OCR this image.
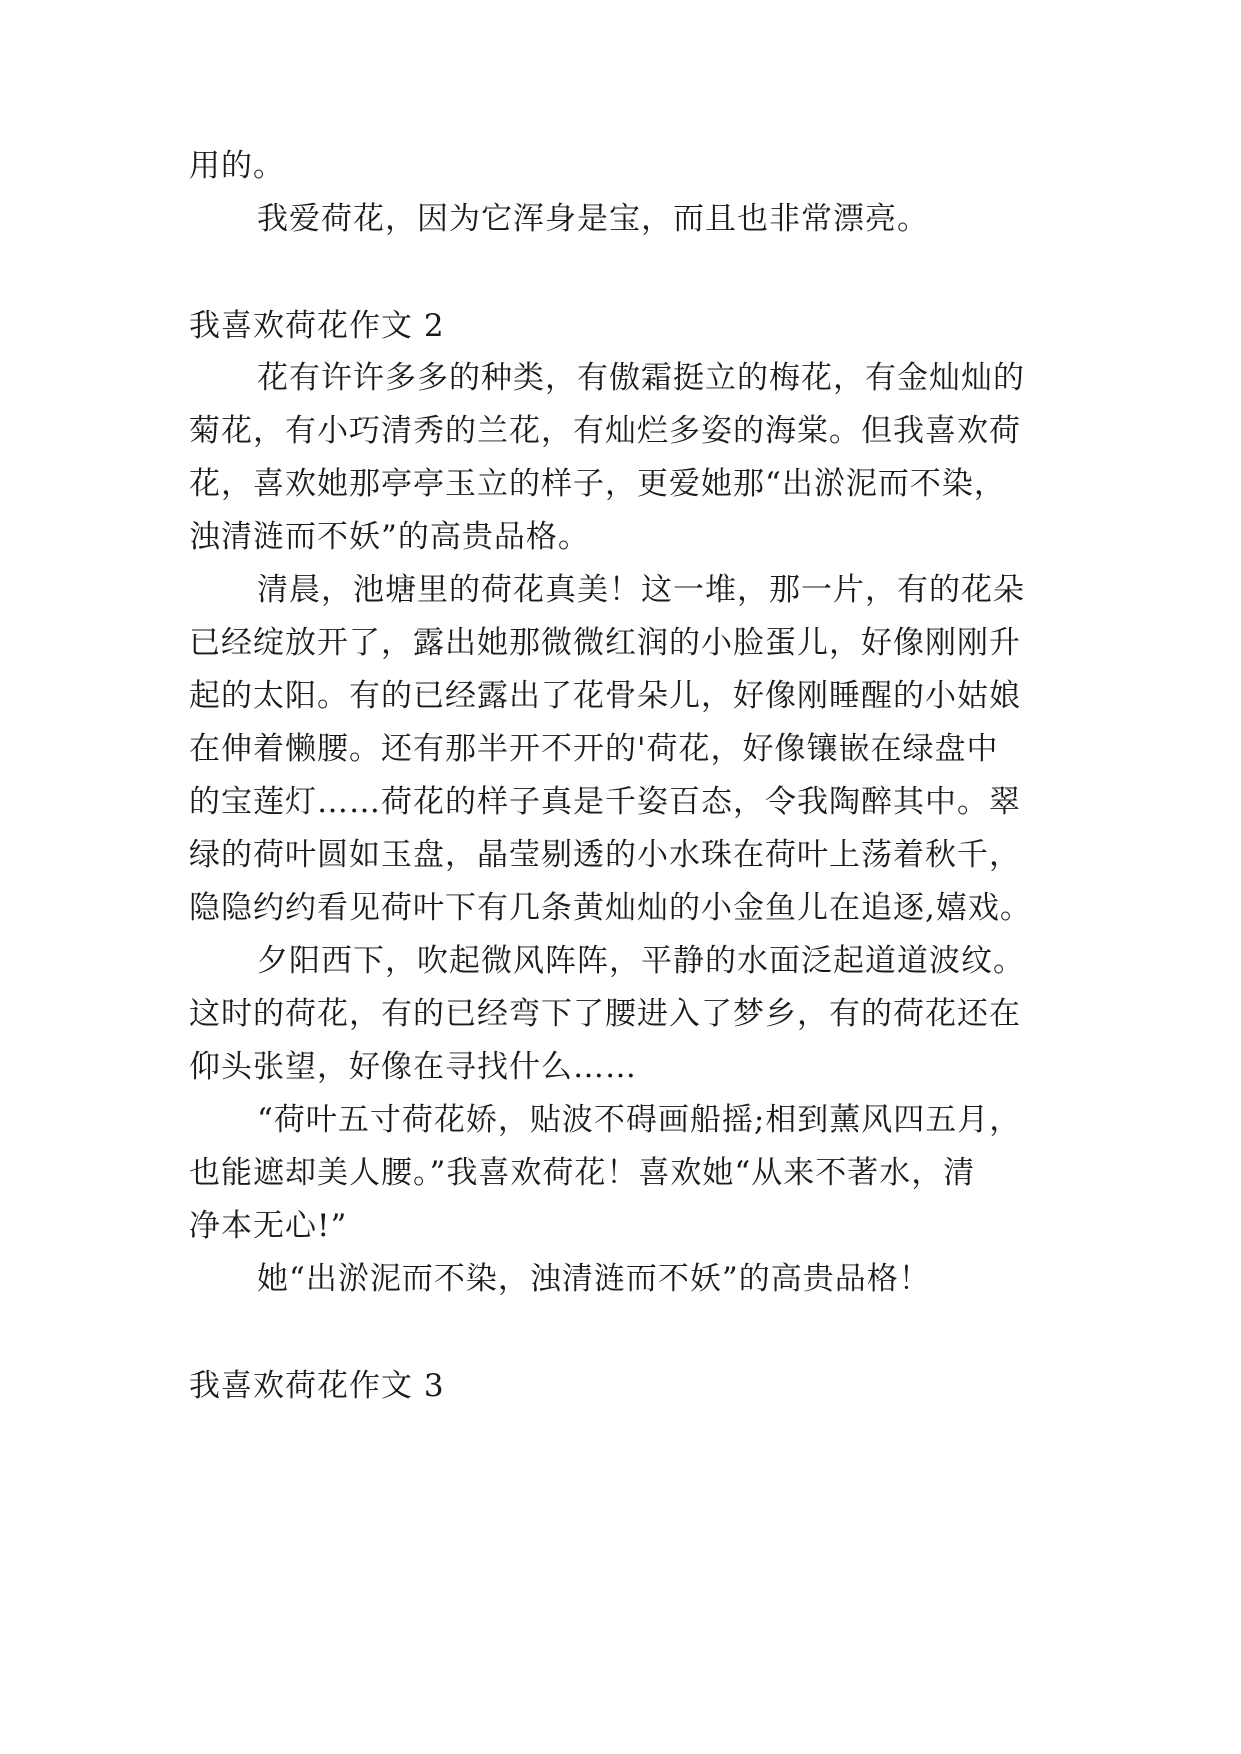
用的。
我爱荷花，因为它浑身是宝，而且也非常漂亮。
我喜欢荷花作文 2
花有许许多多的种类，有傲霜挺立的梅花，有金灿灿的
菊花，有小巧清秀的兰花，有灿烂多姿的海棠。但我喜欢荷
花，喜欢她那亭亭玉立的样子，更爱她那“出淤泥而不染，
浊清涟而不妖”的高贵品格。
清晨，池塘里的荷花真美！这一堆，那一片，有的花朵
已经绽放开了，露出她那微微红润的小脸蛋儿，好像刚刚升
起的太阳。有的已经露出了花骨朵儿，好像刚睡醒的小姑娘
在伸着懒腰。还有那半开不开的'荷花，好像镶嵌在绿盘中
的宝莲灯……荷花的样子真是千姿百态，令我陶醉其中。翠
绿的荷叶圆如玉盘，晶莹剔透的小水珠在荷叶上荡着秋千，
隐隐约约看见荷叶下有几条黄灿灿的小金鱼儿在追逐,嬉戏。
夕阳西下，吹起微风阵阵，平静的水面泛起道道波纹。
这时的荷花，有的已经弯下了腰进入了梦乡，有的荷花还在
仰头张望，好像在寻找什么……
“荷叶五寸荷花娇，贴波不碍画船摇;相到薰风四五月，
也能遮却美人腰。”我喜欢荷花！喜欢她“从来不著水，清
净本无心!”
她“出淤泥而不染，浊清涟而不妖”的高贵品格！
我喜欢荷花作文 3
